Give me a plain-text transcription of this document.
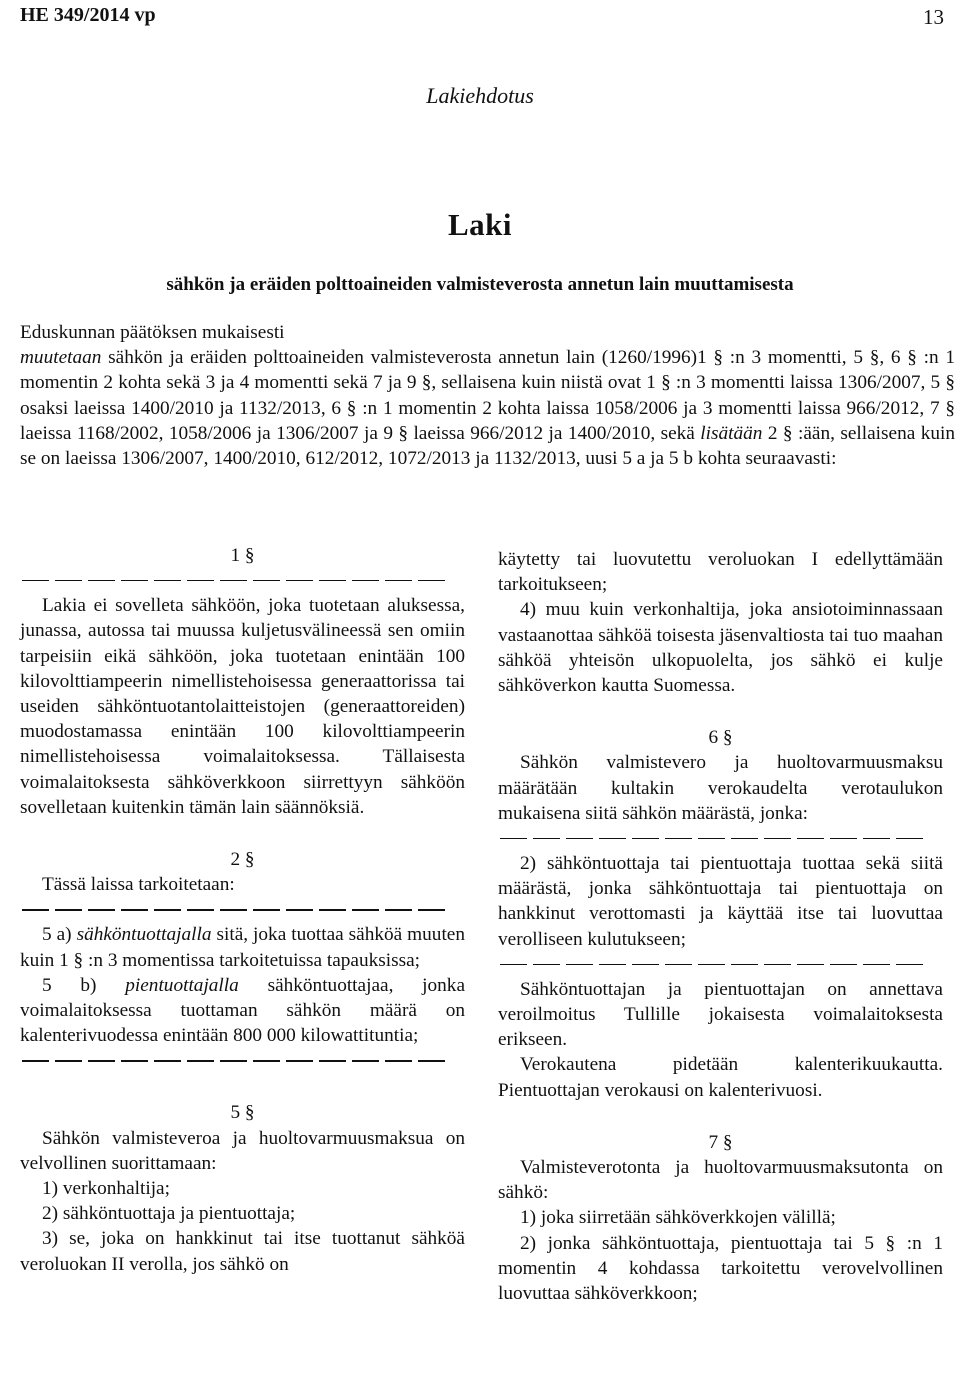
HE 349/2014 vp	13
Lakiehdotus
Laki
sähkön ja eräiden polttoaineiden valmisteverosta annetun lain muuttamisesta

Eduskunnan päätöksen mukaisesti

muutetaan sähkön ja eräiden polttoaineiden valmisteverosta annetun lain (1260/1996)1 § :n 3 momentti, 5 §, 6 § :n 1 momentin 2 kohta sekä 3 ja 4 momentti sekä 7 ja 9 §, sellaisena kuin niistä ovat 1 § :n 3 momentti laissa 1306/2007, 5 § osaksi laeissa 1400/2010 ja 1132/2013, 6 § :n 1 momentin 2 kohta laissa 1058/2006 ja 3 momentti laissa 966/2012, 7 § laeissa 1168/2002, 1058/2006 ja 1306/2007 ja 9 § laeissa 966/2012 ja 1400/2010, sekä lisätään 2 § :ään, sellaisena kuin se on laeissa 1306/2007, 1400/2010, 612/2012, 1072/2013 ja 1132/2013, uusi 5 a ja 5 b kohta seuraavasti:

1 §

Lakia ei sovelleta sähköön, joka tuotetaan aluksessa, junassa, autossa tai muussa kuljetusvälineessä sen omiin tarpeisiin eikä sähköön, joka tuotetaan enintään 100 kilovolttiampeerin nimellistehoisessa generaattorissa tai useiden sähköntuotantolaitteistojen (generaattoreiden) muodostamassa enintään 100 kilovolttiampeerin nimellistehoisessa voimalaitoksessa. Tällaisesta voimalaitoksesta sähköverkkoon siirrettyyn sähköön sovelletaan kuitenkin tämän lain säännöksiä.

2 §

Tässä laissa tarkoitetaan:

5 a) sähköntuottajalla sitä, joka tuottaa sähköä muuten kuin 1 § :n 3 momentissa tarkoitetuissa tapauksissa;

5 b) pientuottajalla sähköntuottajaa, jonka voimalaitoksessa tuottaman sähkön määrä on kalenterivuodessa enintään 800 000 kilowattituntia;

5 §

Sähkön valmisteveroa ja huoltovarmuusmaksua on velvollinen suorittamaan:

1) verkonhaltija;

2) sähköntuottaja ja pientuottaja;

3) se, joka on hankkinut tai itse tuottanut sähköä veroluokan II verolla, jos sähkö on

käytetty tai luovutettu veroluokan I edellyttämään tarkoitukseen;

4) muu kuin verkonhaltija, joka ansiotoiminnassaan vastaanottaa sähköä toisesta jäsenvaltiosta tai tuo maahan sähköä yhteisön ulkopuolelta, jos sähkö ei kulje sähköverkon kautta Suomessa.

6 §

Sähkön valmistevero ja huoltovarmuusmaksu määrätään kultakin verokaudelta verotaulukon mukaisena siitä sähkön määrästä, jonka:

2) sähköntuottaja tai pientuottaja tuottaa sekä siitä määrästä, jonka sähköntuottaja tai pientuottaja on hankkinut verottomasti ja käyttää itse tai luovuttaa verolliseen kulutukseen;

Sähköntuottajan ja pientuottajan on annettava veroilmoitus Tullille jokaisesta voimalaitoksesta erikseen.

Verokautena pidetään kalenterikuukautta. Pientuottajan verokausi on kalenterivuosi.

7 §

Valmisteverotonta ja huoltovarmuusmaksutonta on sähkö:

1) joka siirretään sähköverkkojen välillä;

2) jonka sähköntuottaja, pientuottaja tai 5 § :n 1 momentin 4 kohdassa tarkoitettu verovelvollinen luovuttaa sähköverkkoon;
